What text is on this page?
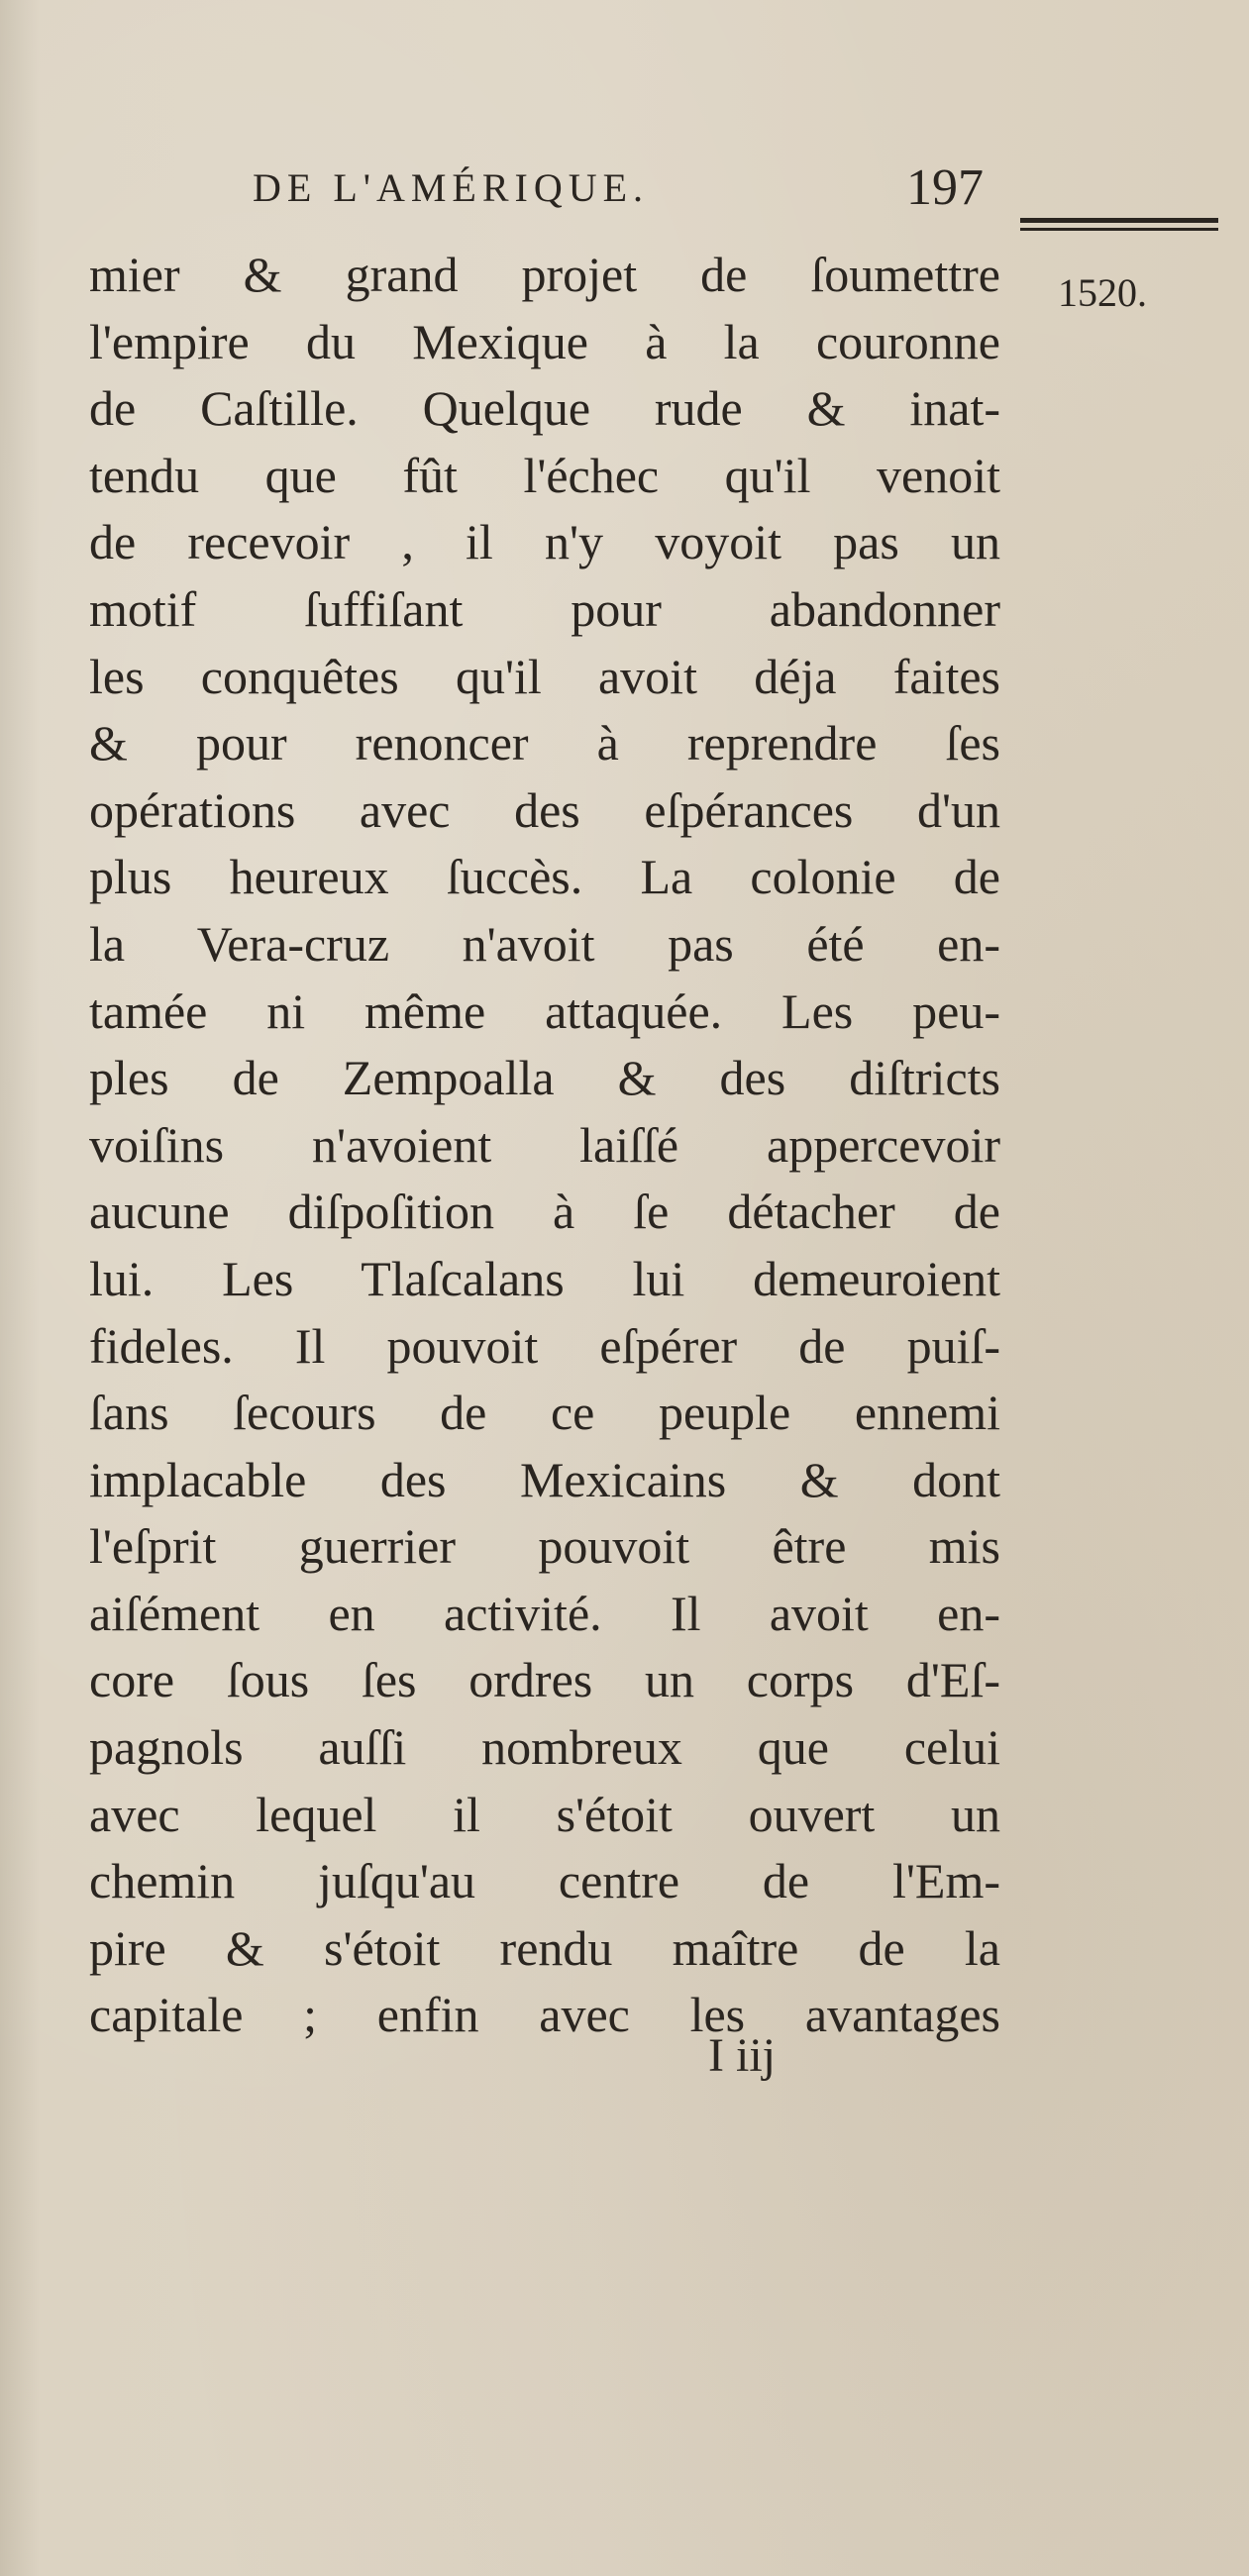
DE L'AMÉRIQUE.	197
1520.
mier & grand projet de ſoumettre
l'empire du Mexique à la couronne
de Caſtille. Quelque rude & inat-
tendu que fût l'échec qu'il venoit
de recevoir , il n'y voyoit pas un
motif ſuffiſant pour abandonner
les conquêtes qu'il avoit déja faites
& pour renoncer à reprendre ſes
opérations avec des eſpérances d'un
plus heureux ſuccès. La colonie de
la Vera-cruz n'avoit pas été en-
tamée ni même attaquée. Les peu-
ples de Zempoalla & des diſtricts
voiſins n'avoient laiſſé appercevoir
aucune diſpoſition à ſe détacher de
lui. Les Tlaſcalans lui demeuroient
fideles. Il pouvoit eſpérer de puiſ-
ſans ſecours de ce peuple ennemi
implacable des Mexicains & dont
l'eſprit guerrier pouvoit être mis
aiſément en activité. Il avoit en-
core ſous ſes ordres un corps d'Eſ-
pagnols auſſi nombreux que celui
avec lequel il s'étoit ouvert un
chemin juſqu'au centre de l'Em-
pire & s'étoit rendu maître de la
capitale ; enfin avec les avantages
I iij
